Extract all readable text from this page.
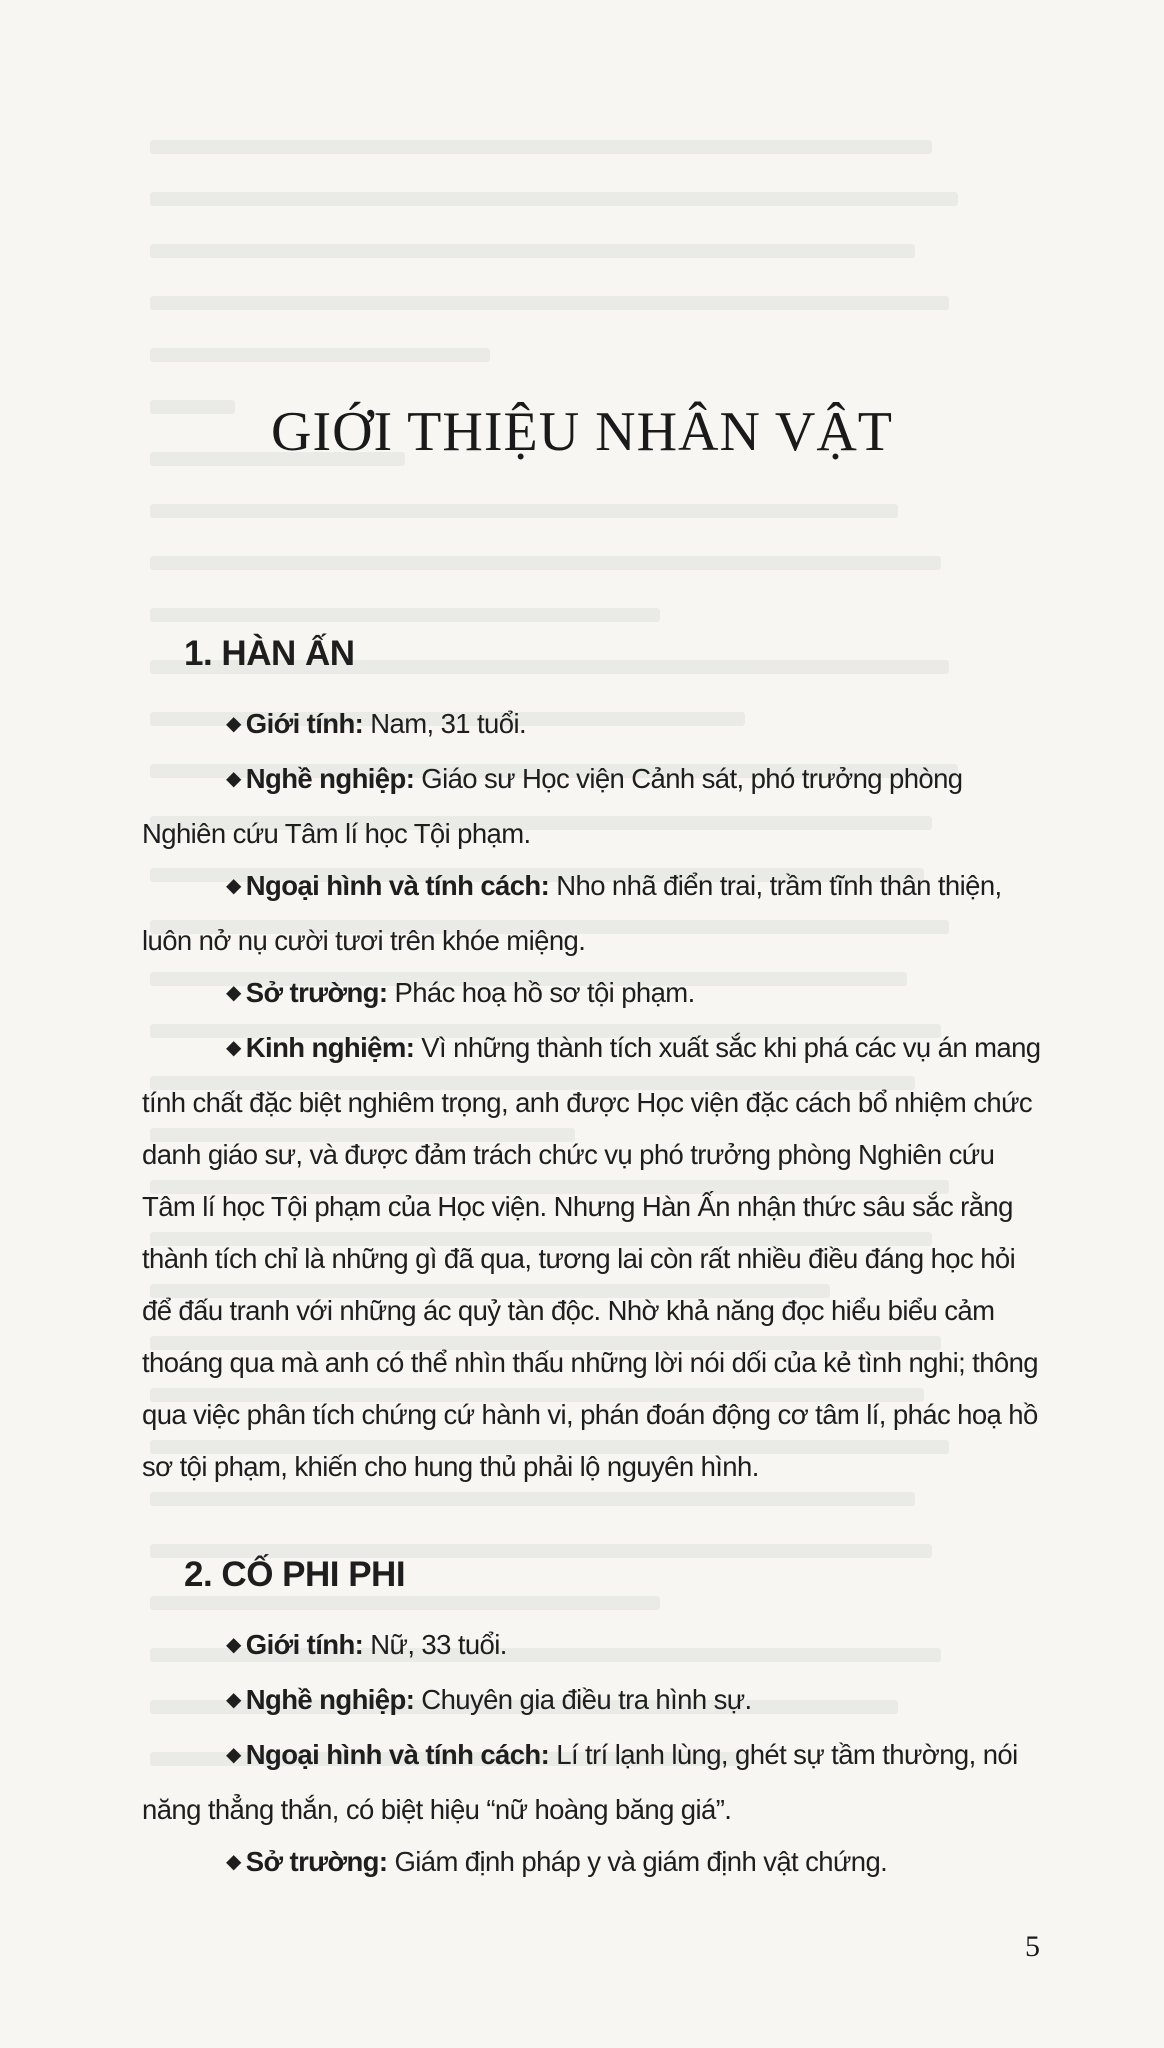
GIỚI THIỆU NHÂN VẬT
1. HÀN ẤN

◆ Giới tính: Nam, 31 tuổi.

◆ Nghề nghiệp: Giáo sư Học viện Cảnh sát, phó trưởng phòng Nghiên cứu Tâm lí học Tội phạm.

◆ Ngoại hình và tính cách: Nho nhã điển trai, trầm tĩnh thân thiện, luôn nở nụ cười tươi trên khóe miệng.

◆ Sở trường: Phác hoạ hồ sơ tội phạm.

◆ Kinh nghiệm: Vì những thành tích xuất sắc khi phá các vụ án mang tính chất đặc biệt nghiêm trọng, anh được Học viện đặc cách bổ nhiệm chức danh giáo sư, và được đảm trách chức vụ phó trưởng phòng Nghiên cứu Tâm lí học Tội phạm của Học viện. Nhưng Hàn Ấn nhận thức sâu sắc rằng thành tích chỉ là những gì đã qua, tương lai còn rất nhiều điều đáng học hỏi để đấu tranh với những ác quỷ tàn độc. Nhờ khả năng đọc hiểu biểu cảm thoáng qua mà anh có thể nhìn thấu những lời nói dối của kẻ tình nghi; thông qua việc phân tích chứng cứ hành vi, phán đoán động cơ tâm lí, phác hoạ hồ sơ tội phạm, khiến cho hung thủ phải lộ nguyên hình.

2. CỐ PHI PHI

◆ Giới tính: Nữ, 33 tuổi.

◆ Nghề nghiệp: Chuyên gia điều tra hình sự.

◆ Ngoại hình và tính cách: Lí trí lạnh lùng, ghét sự tầm thường, nói năng thẳng thắn, có biệt hiệu “nữ hoàng băng giá”.

◆ Sở trường: Giám định pháp y và giám định vật chứng.

5
